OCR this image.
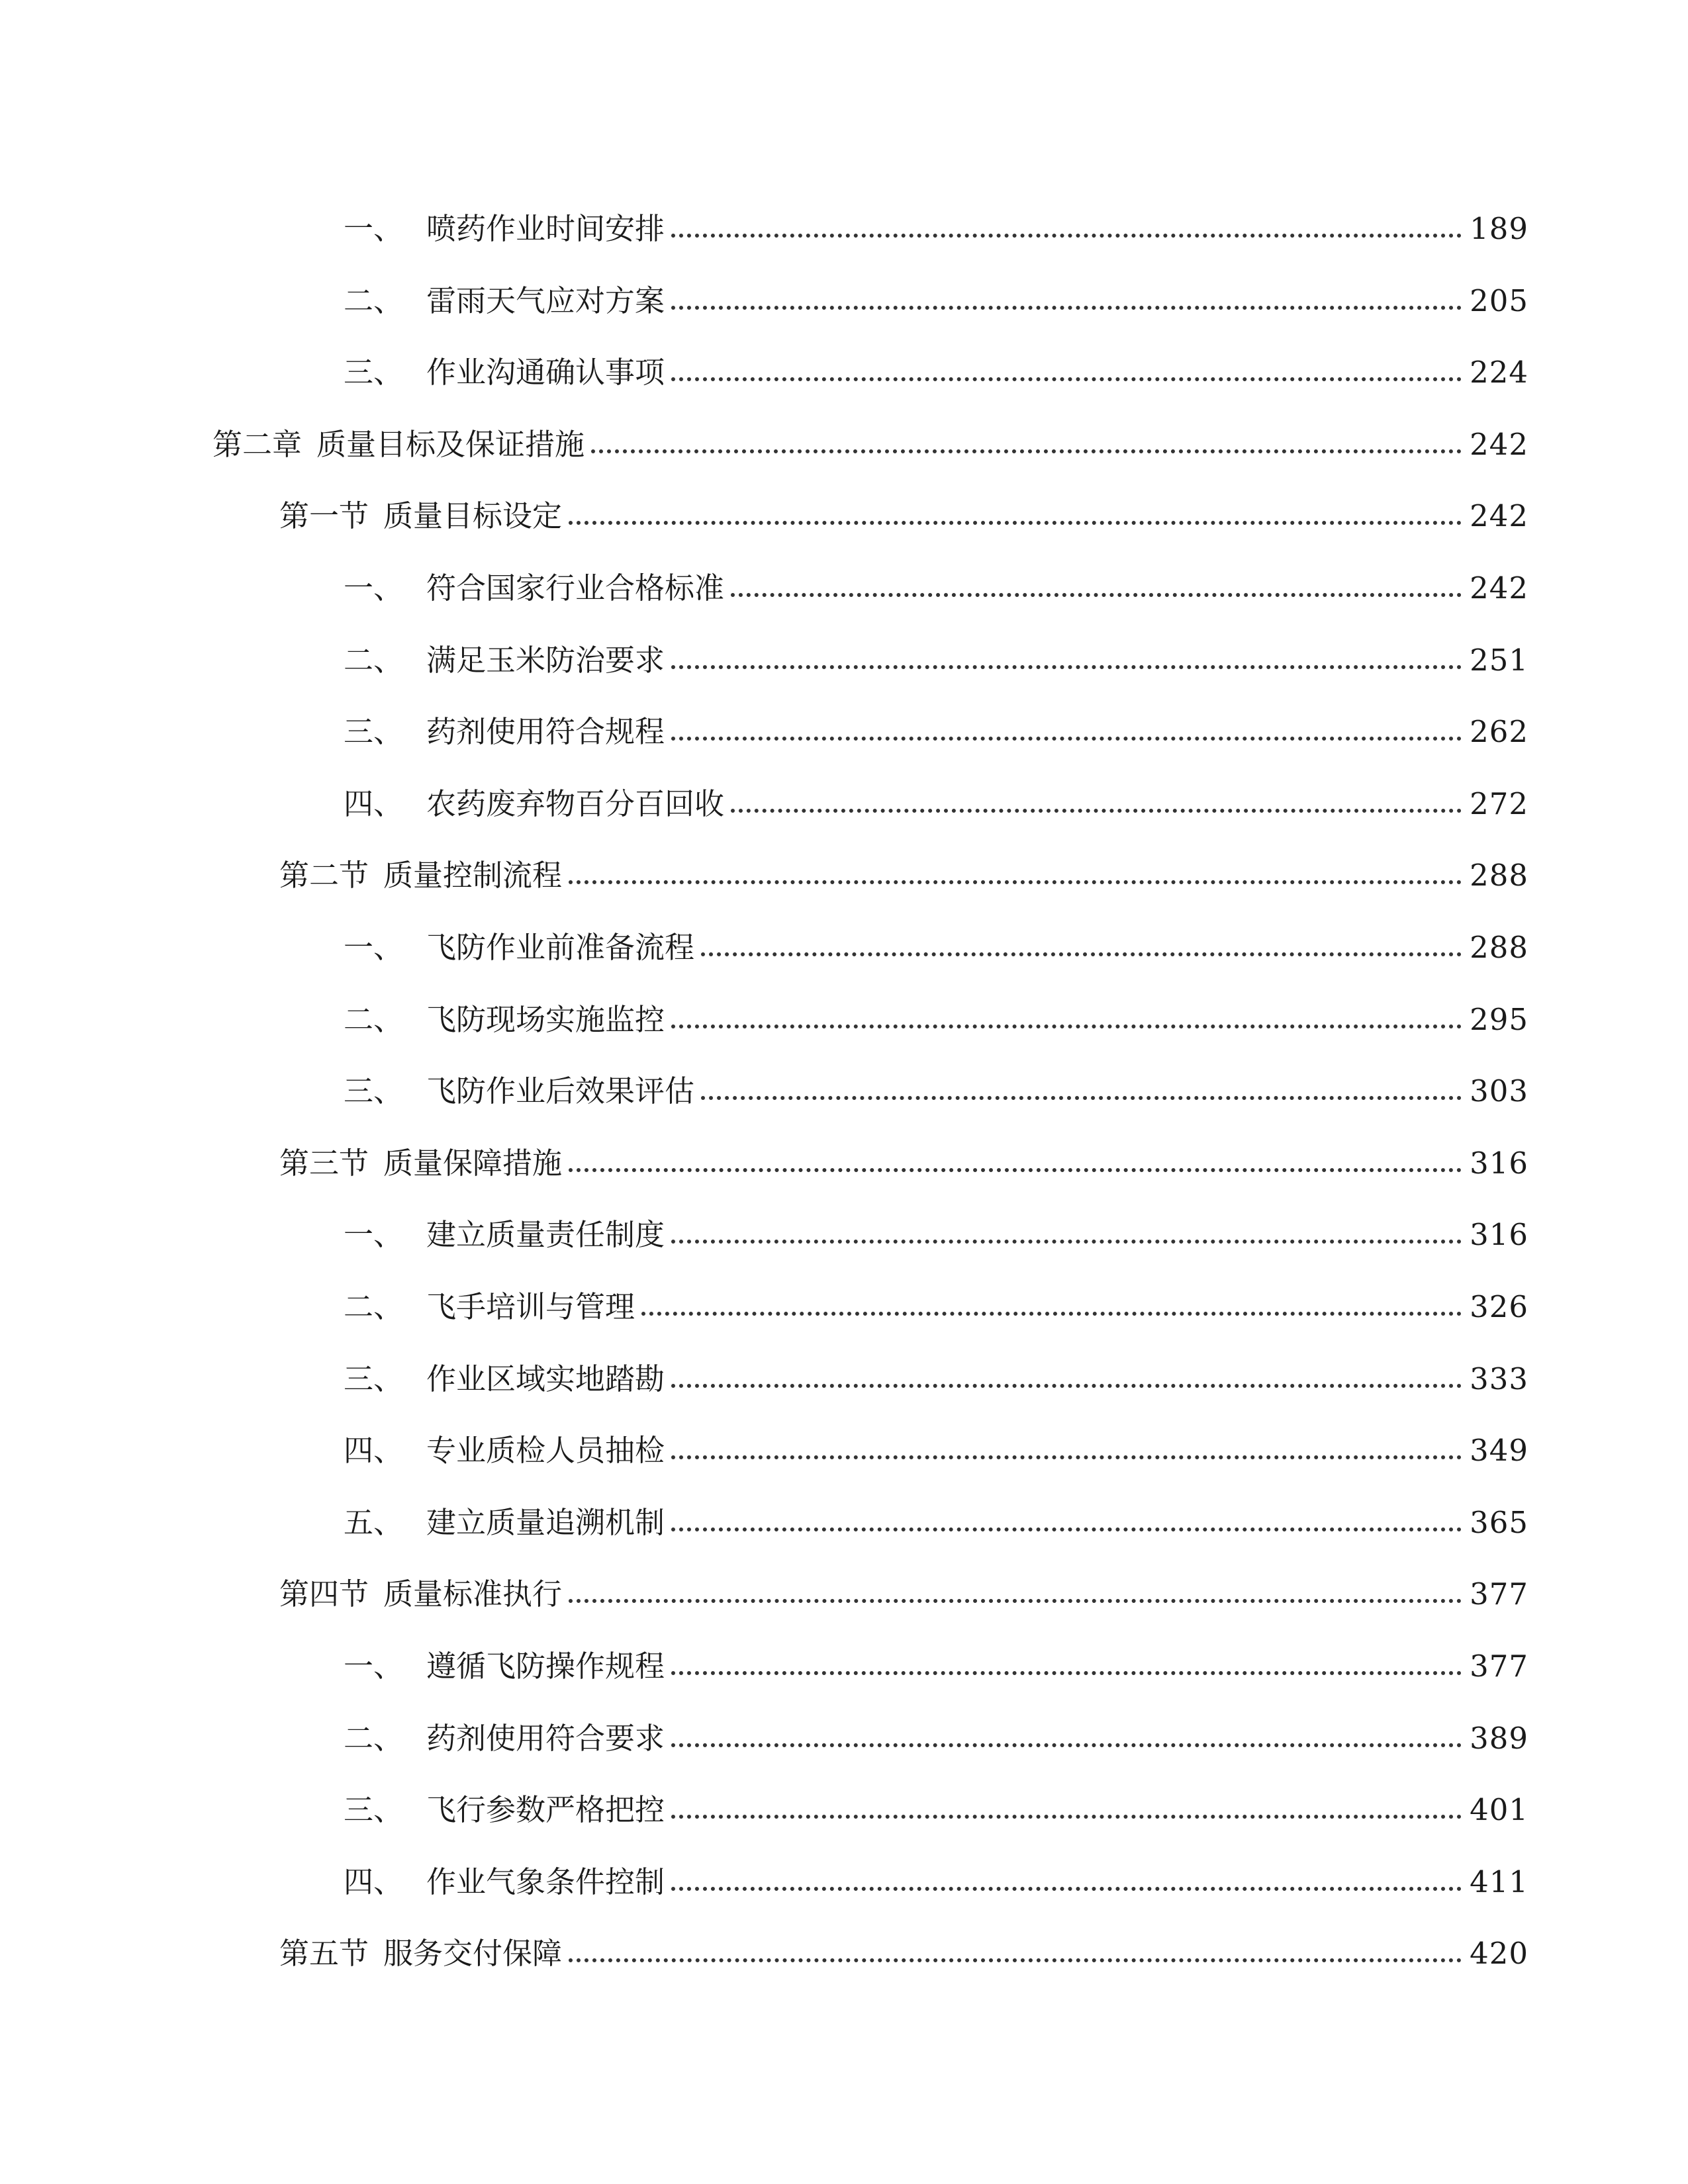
一、 喷药作业时间安排	189
二、 雷雨天气应对方案	205
三、 作业沟通确认事项	224
第二章 质量目标及保证措施	242
第一节 质量目标设定	242
一、 符合国家行业合格标准	242
二、 满足玉米防治要求	251
三、 药剂使用符合规程	262
四、 农药废弃物百分百回收	272
第二节 质量控制流程	288
一、 飞防作业前准备流程	288
二、 飞防现场实施监控	295
三、 飞防作业后效果评估	303
第三节 质量保障措施	316
一、 建立质量责任制度	316
二、 飞手培训与管理	326
三、 作业区域实地踏勘	333
四、 专业质检人员抽检	349
五、 建立质量追溯机制	365
第四节 质量标准执行	377
一、 遵循飞防操作规程	377
二、 药剂使用符合要求	389
三、 飞行参数严格把控	401
四、 作业气象条件控制	411
第五节 服务交付保障	420
